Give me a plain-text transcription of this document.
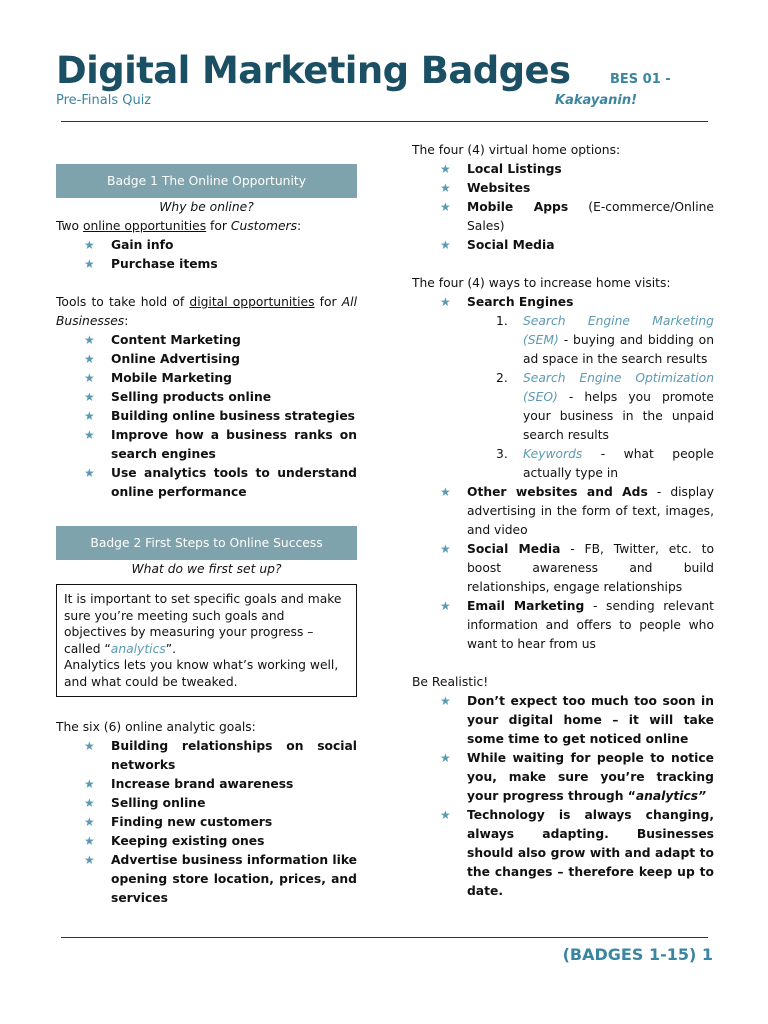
Digital Marketing Badges	BES 01 -
Pre-Finals Quiz	Kakayanin!
Badge 1 The Online Opportunity
Why be online?

Two online opportunities for Customers:

★ Gain info
★ Purchase items

Tools to take hold of digital opportunities for All Businesses:

★ Content Marketing
★ Online Advertising
★ Mobile Marketing
★ Selling products online
★ Building online business strategies
★ Improve how a business ranks on search engines
★ Use analytics tools to understand online performance
Badge 2 First Steps to Online Success
What do we first set up?
It is important to set specific goals and make sure you’re meeting such goals and objectives by measuring your progress – called “analytics”.
Analytics lets you know what’s working well, and what could be tweaked.

The six (6) online analytic goals:

★ Building relationships on social networks
★ Increase brand awareness
★ Selling online
★ Finding new customers
★ Keeping existing ones
★ Advertise business information like opening store location, prices, and services

The four (4) virtual home options:

★ Local Listings
★ Websites
★ Mobile Apps (E-commerce/Online Sales)
★ Social Media

The four (4) ways to increase home visits:

★ Search Engines
1. Search Engine Marketing (SEM) - buying and bidding on ad space in the search results
2. Search Engine Optimization (SEO) - helps you promote your business in the unpaid search results
3. Keywords - what people actually type in
★ Other websites and Ads - display advertising in the form of text, images, and video
★ Social Media - FB, Twitter, etc. to boost awareness and build relationships, engage relationships
★ Email Marketing - sending relevant information and offers to people who want to hear from us

Be Realistic!

★ Don’t expect too much too soon in your digital home – it will take some time to get noticed online
★ While waiting for people to notice you, make sure you’re tracking your progress through “analytics”
★ Technology is always changing, always adapting. Businesses should also grow with and adapt to the changes – therefore keep up to date.
(BADGES 1-15) 1
